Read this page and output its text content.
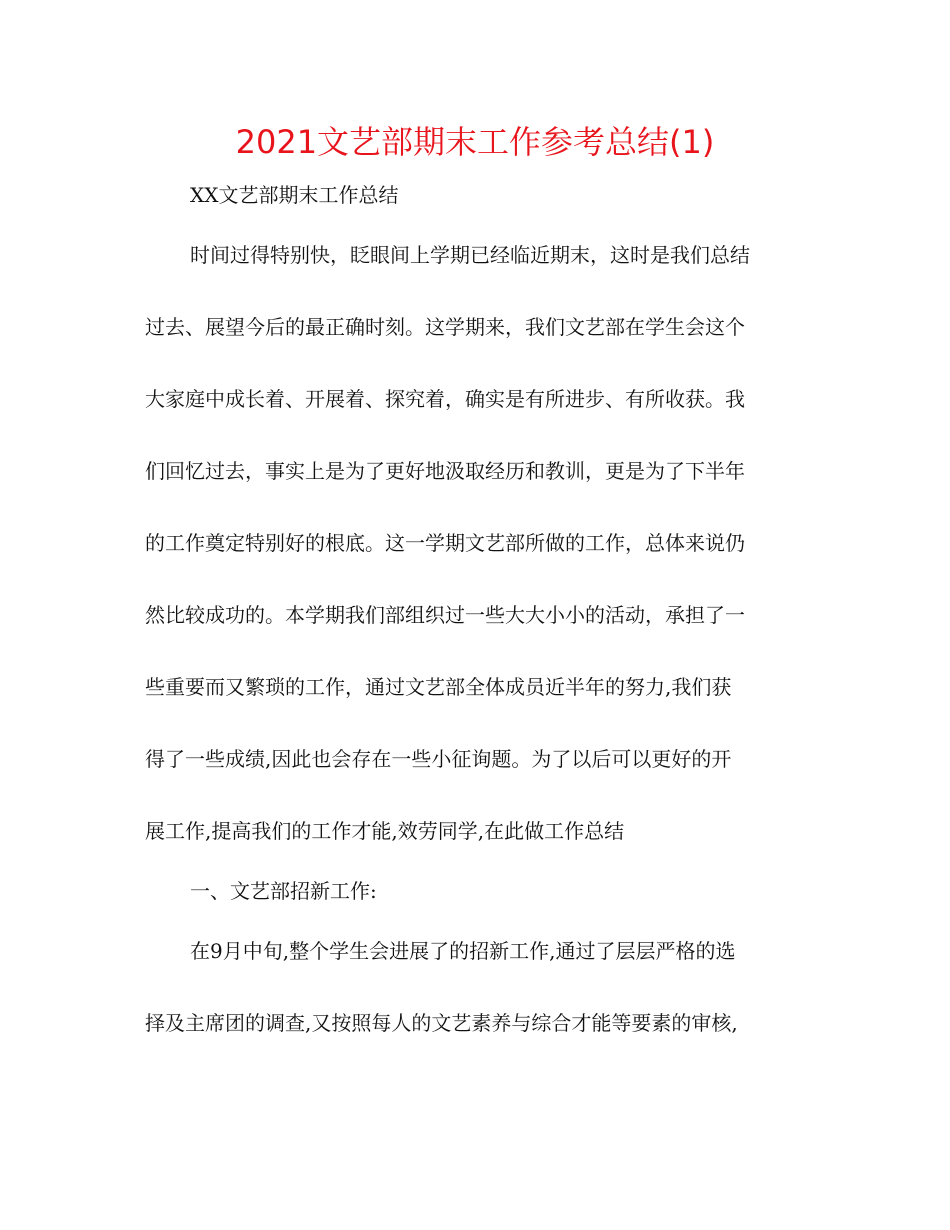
2021文艺部期末工作参考总结(1)
XX文艺部期末工作总结
时间过得特别快，眨眼间上学期已经临近期末，这时是我们总结
过去、展望今后的最正确时刻。这学期来，我们文艺部在学生会这个
大家庭中成长着、开展着、探究着，确实是有所进步、有所收获。我
们回忆过去，事实上是为了更好地汲取经历和教训，更是为了下半年
的工作奠定特别好的根底。这一学期文艺部所做的工作，总体来说仍
然比较成功的。本学期我们部组织过一些大大小小的活动，承担了一
些重要而又繁琐的工作，通过文艺部全体成员近半年的努力,我们获
得了一些成绩,因此也会存在一些小征询题。为了以后可以更好的开
展工作,提高我们的工作才能,效劳同学,在此做工作总结
一、文艺部招新工作:
在9月中旬,整个学生会进展了的招新工作,通过了层层严格的选
择及主席团的调查,又按照每人的文艺素养与综合才能等要素的审核,
